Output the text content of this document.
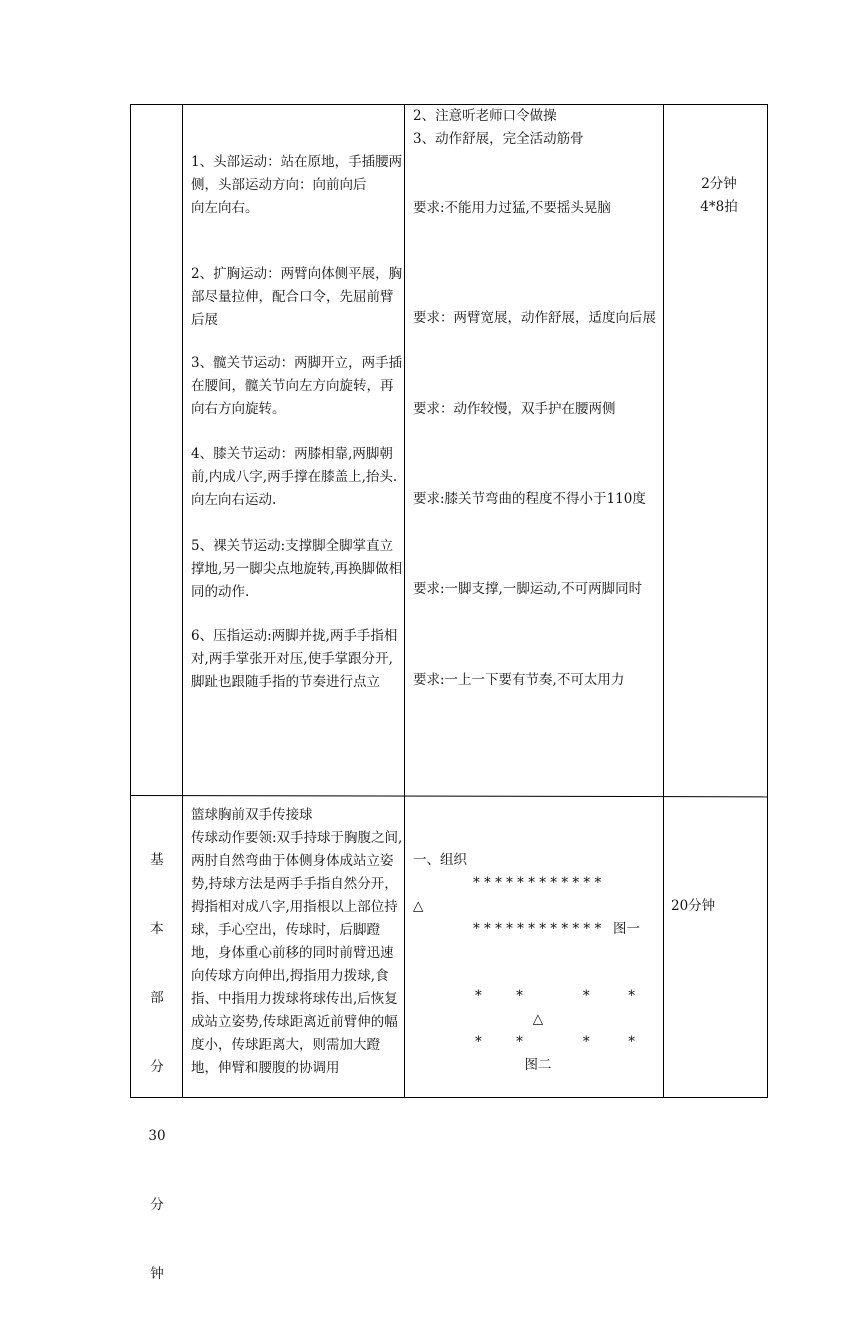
1、头部运动：站在原地，手插腰两侧，头部运动方向：向前向后
向左向右。
2、扩胸运动：两臂向体侧平展，胸部尽量拉伸，配合口令，先屈前臂后展
3、髋关节运动：两脚开立，两手插在腰间，髋关节向左方向旋转，再向右方向旋转。
4、膝关节运动：两膝相靠,两脚朝前,内成八字,两手撑在膝盖上,抬头.向左向右运动.
5、裸关节运动:支撑脚全脚掌直立撑地,另一脚尖点地旋转,再换脚做相同的动作.
6、压指运动:两脚并拢,两手手指相对,两手掌张开对压,使手掌跟分开,脚趾也跟随手指的节奏进行点立
2、注意听老师口令做操
3、动作舒展，完全活动筋骨
要求:不能用力过猛,不要摇头晃脑
要求：两臂宽展，动作舒展，适度向后展
要求：动作较慢，双手护在腰两侧
要求:膝关节弯曲的程度不得小于110度
要求:一脚支撑,一脚运动,不可两脚同时
要求:一上一下要有节奏,不可太用力
2分钟
4*8拍

基

本

部

分

30

分

钟

篮球胸前双手传接球
传球动作要领:双手持球于胸腹之间,两肘自然弯曲于体侧身体成站立姿势,持球方法是两手手指自然分开，拇指相对成八字,用指根以上部位持球，手心空出，传球时，后脚蹬地，身体重心前移的同时前臂迅速向传球方向伸出,拇指用力拨球,食指、中指用力拨球将球传出,后恢复成站立姿势,传球距离近前臂伸的幅度小，传球距离大，则需加大蹬地，伸臂和腰腹的协调用
一、组织
* * * * * * * * * * * *
△
* * * * * * * * * * * * 图一
*        *              *         *
△
*        *              *         *
图二
20分钟
